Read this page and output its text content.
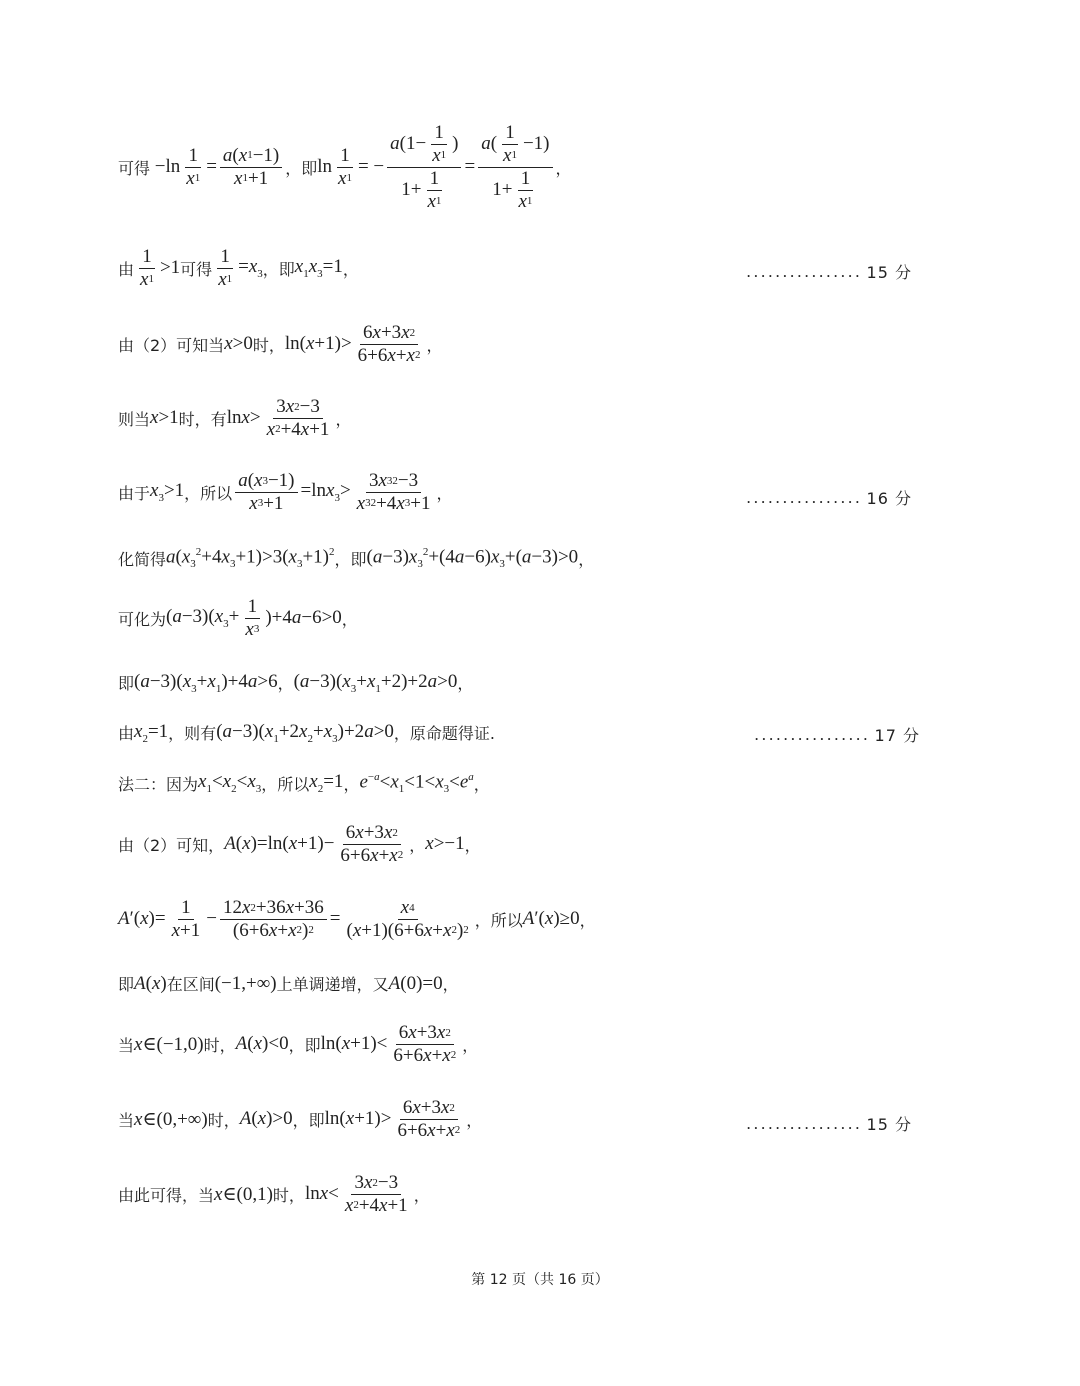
可得 $-\ln \frac{1}{x 1} = \frac{a ( x 1 -1)}{x 1 +1}$ ，即 $\ln \frac{1}{x 1}$ = − a (1−
1
x 1
)
1+
1
x 1 = a (
1
x 1
−1)
1+
1
x 1 ，
由
1
x 1
>1 可得 $\frac{1}{x 1} =x_3$ ，即 $x_1x_3=1$ ，	................ 15 分
由（2）可知当 x>0 时， ln(x+1)>
6 x +3 x 2
6+6 x + x 2
，
则当 x>1 时，有 lnx>
3 x 2 −3
x 2 +4 x +1 ，
由于 $x_3>1$ ，所以 $\frac{a ( x 3 -1)}{x 3 +1} =\ln x_3> 3$ x 3 2 −3
x 3 2 +4 x 3 +1 ，	................ 16 分
化简得 $a(x_3^2+4x_3+1)>3(x_3+1)^2$ ，即 $(a-3)x_3^2+(4a-6)x_3+(a-3)>0$ ，
可化为 $(a-3)(x_3+ \frac{1}{x 3} )+4a-6>0$ ，
即 $(a-3)(x_3+x_1)+4a>6$ ， $(a-3)(x_3+x_1+2)+2a>0$ ，
由 $x_2=1$ ，则有 $(a-3)(x_1+2x_2+x_3)+2a>0$ ，原命题得证.	................ 17 分
法二：因为 $x_1<x_2<x_3$ ，所以 $x_2=1$ ， $e^{-a}<x_1<1<x_3<e^a$ ，
由（2）可知， $A(x)=\ln(x+1)- \frac{6 x +3 x 2}{6+6 x + x 2}$ ， x>−1 ，
$A'(x)= \frac{1}{x +1} - \frac{12 x 2 +36 x +36}{(6+6 x + x 2 ) 2} = \frac{x 4}{( x +1)(6+6 x + x 2 ) 2}$ ，所以 A′(x)≥0 ，
即 A(x) 在区间 (−1,+∞) 上单调递增，又 A(0)=0 ，
当 x∈(−1,0) 时， A(x)<0 ，即 ln(x+1)<
6 x +3 x 2
6+6 x + x 2
，
当 x∈(0,+∞) 时， A(x)>0 ，即 ln(x+1)>
6 x +3 x 2
6+6 x + x 2
，	................ 15 分
由此可得，当 x∈(0,1) 时， lnx<
3 x 2 −3
x 2 +4 x +1 ，
第 12 页（共 16 页）
